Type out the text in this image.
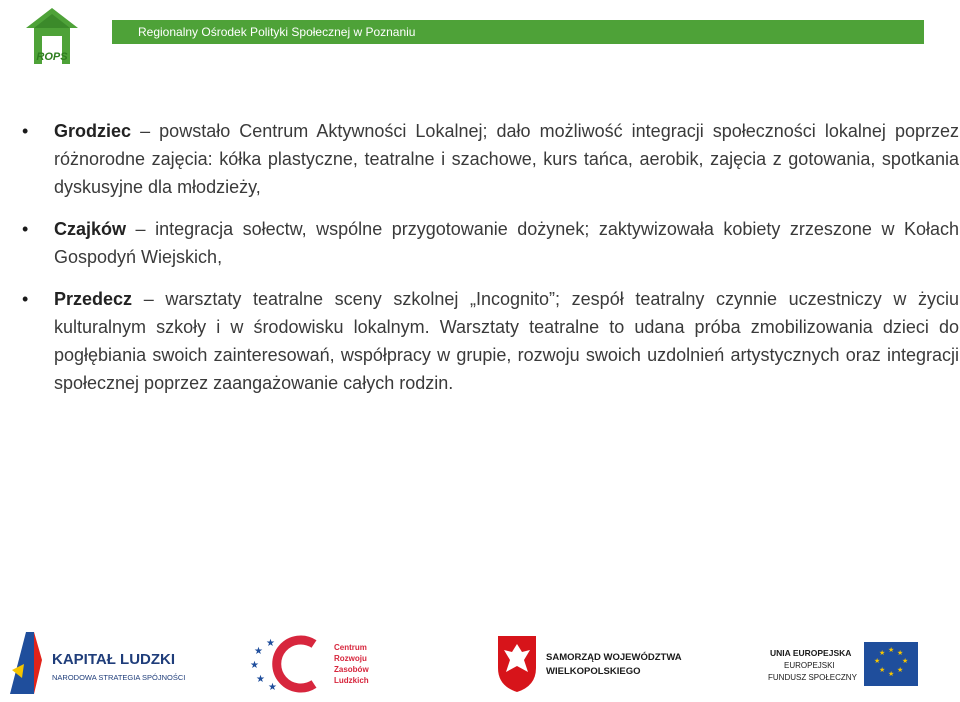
ROPS
Regionalny Ośrodek Polityki Społecznej w Poznaniu
• Grodziec – powstało Centrum Aktywności Lokalnej; dało możliwość integracji społeczności lokalnej poprzez różnorodne zajęcia: kółka plastyczne, teatralne i szachowe, kurs tańca, aerobik, zajęcia z gotowania, spotkania dyskusyjne dla młodzieży,
• Czajków – integracja sołectw, wspólne przygotowanie dożynek; zaktywizowała kobiety zrzeszone w Kołach Gospodyń Wiejskich,
• Przedecz – warsztaty teatralne sceny szkolnej „Incognito”; zespół teatralny czynnie uczestniczy w życiu kulturalnym szkoły i w środowisku lokalnym. Warsztaty teatralne to udana próba zmobilizowania dzieci do pogłębiania swoich zainteresowań, współpracy w grupie, rozwoju swoich uzdolnień artystycznych oraz integracji społecznej poprzez zaangażowanie całych rodzin.
KAPITAŁ LUDZKI
NARODOWA STRATEGIA SPÓJNOŚCI
★
★
★
★
★	Centrum
Rozwoju
Zasobów
Ludzkich
SAMORZĄD WOJEWÓDZTWA
WIELKOPOLSKIEGO
UNIA EUROPEJSKA
EUROPEJSKI
FUNDUSZ SPOŁECZNY
★ ★
★
★
★
★
★
★
